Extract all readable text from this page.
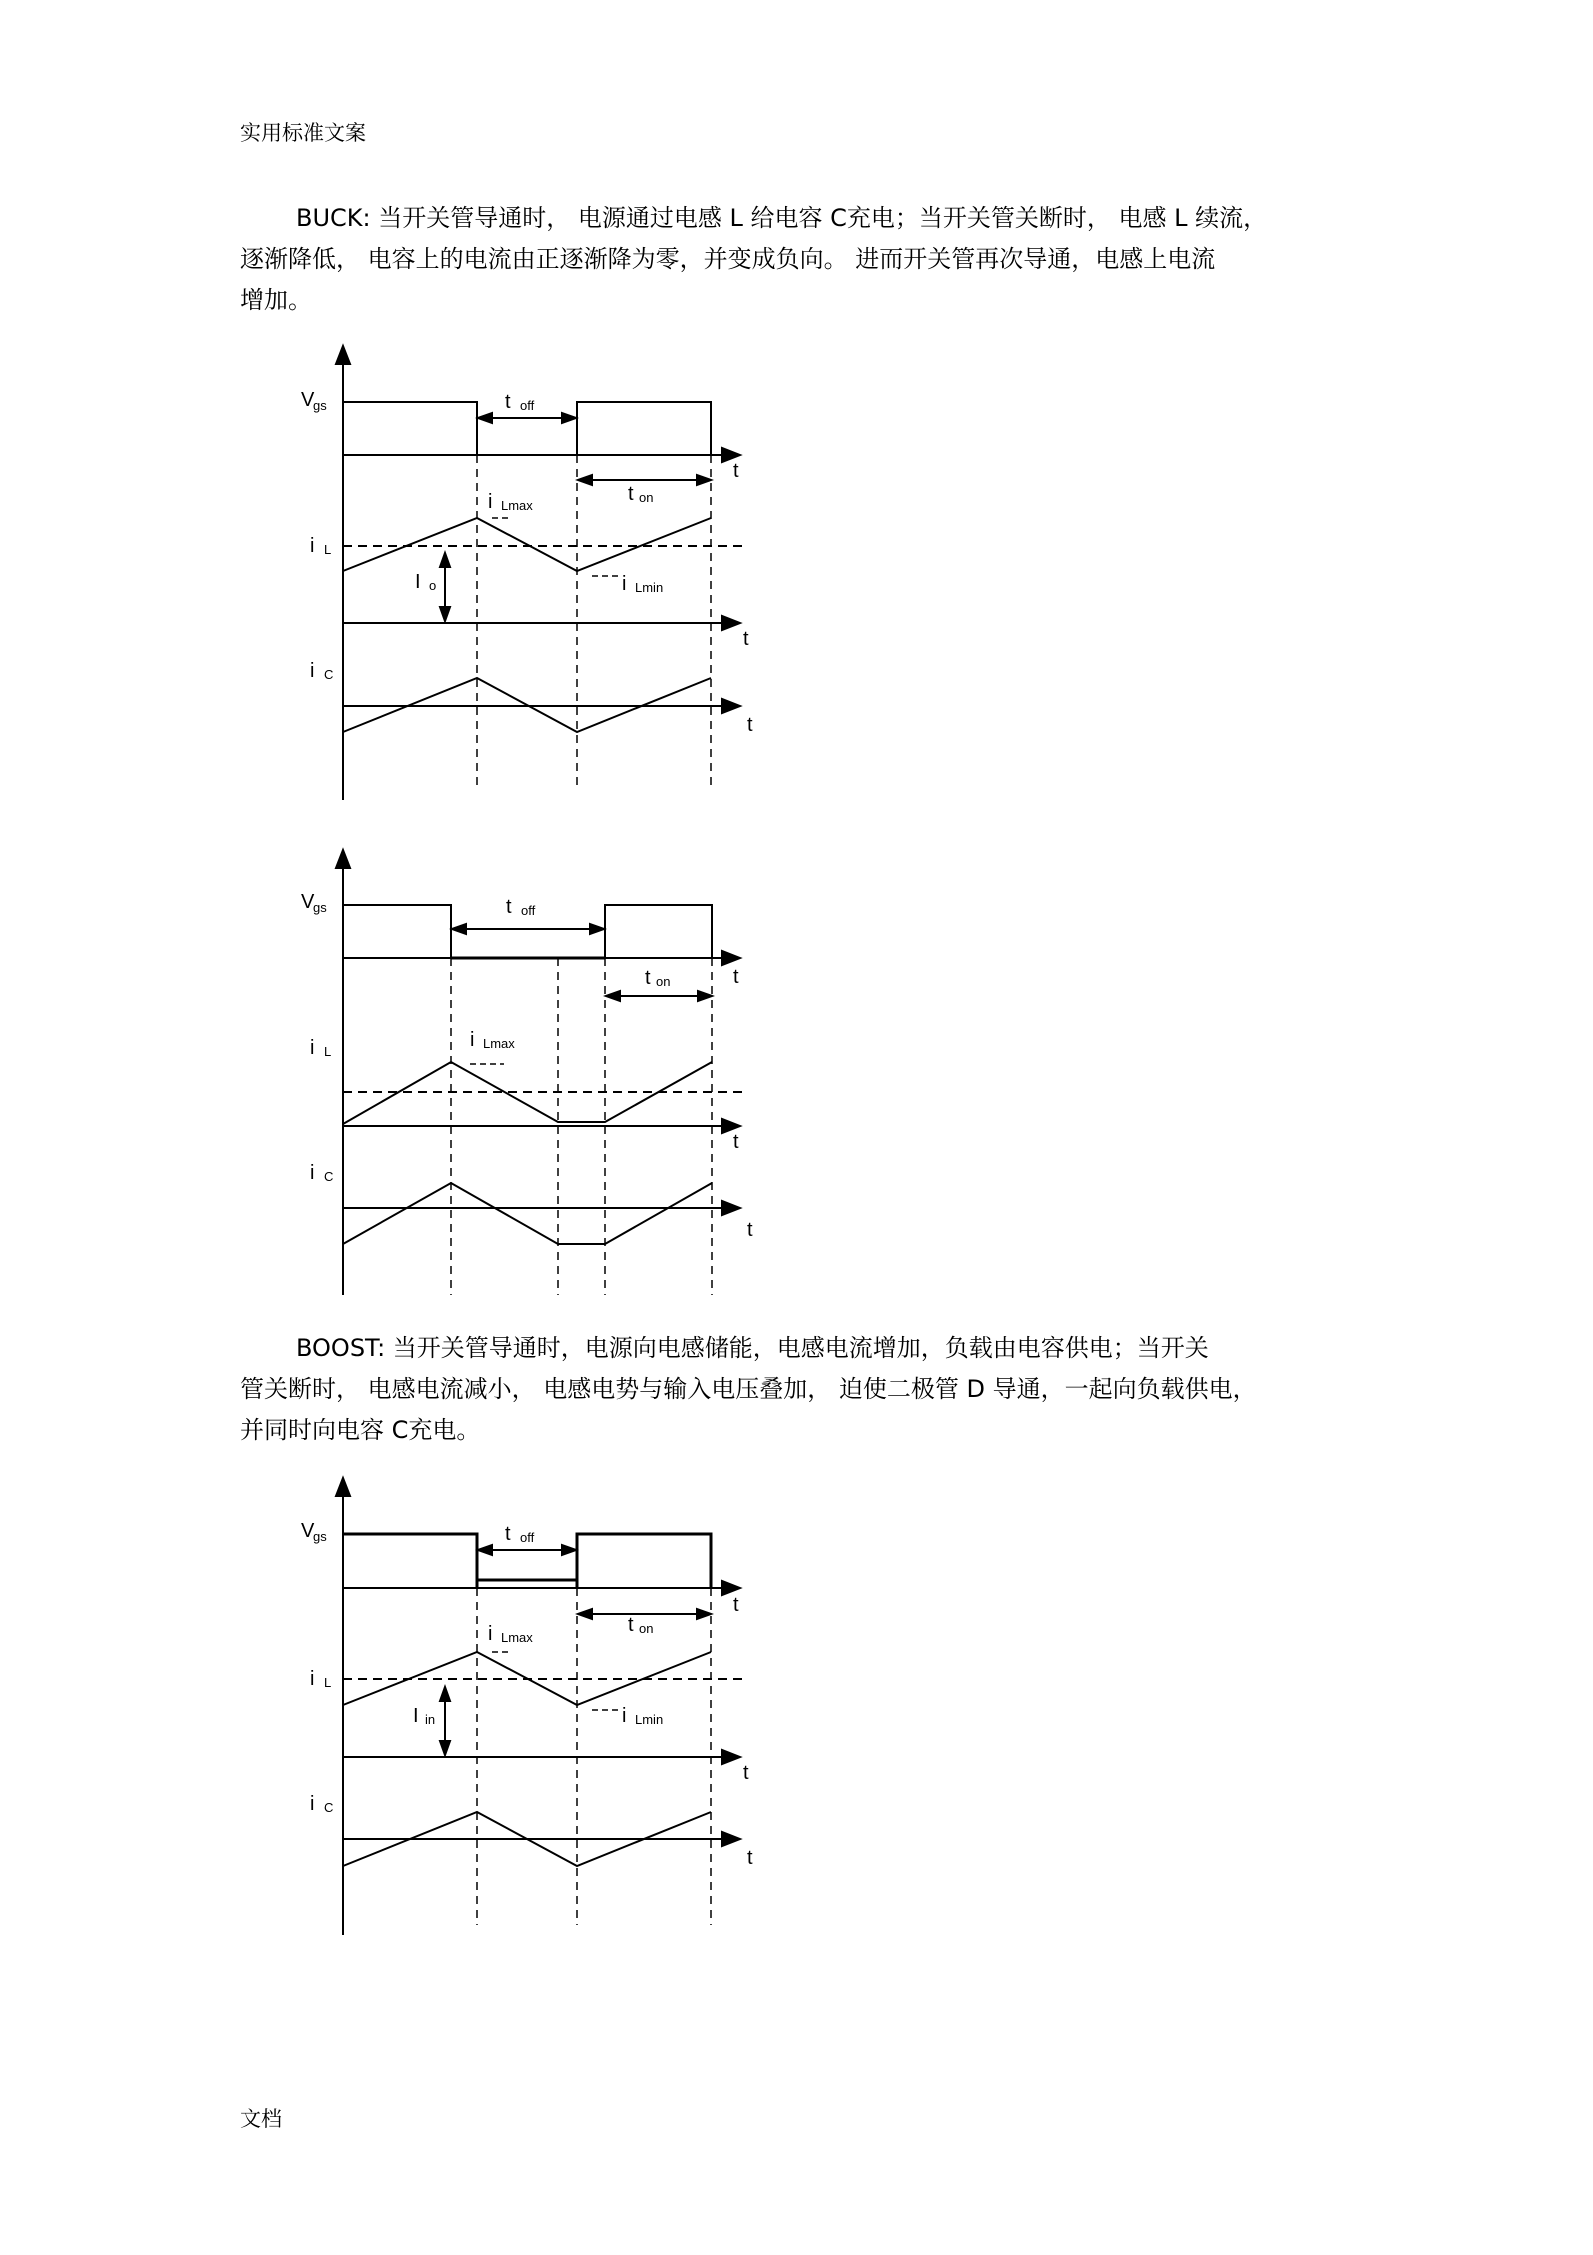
实用标准文案
BUCK: 当开关管导通时， 电源通过电感 L 给电容 C充电；当开关管关断时， 电感 L 续流，
逐渐降低， 电容上的电流由正逐渐降为零，并变成负向。 进而开关管再次导通，电感上电流
增加。
V
gs	t off
t
t on
i Lmax
i L
I o	i Lmin
t
i C
t
V
gs	t off
t
t on
i Lmax
i L
t
i C
t
BOOST: 当开关管导通时，电源向电感储能，电感电流增加，负载由电容供电；当开关
管关断时， 电感电流减小， 电感电势与输入电压叠加， 迫使二极管 D 导通，一起向负载供电，
并同时向电容 C充电。
V
gs	t off
t
t on
i Lmax
i L
I in	i Lmin
t
i C
t
文档
